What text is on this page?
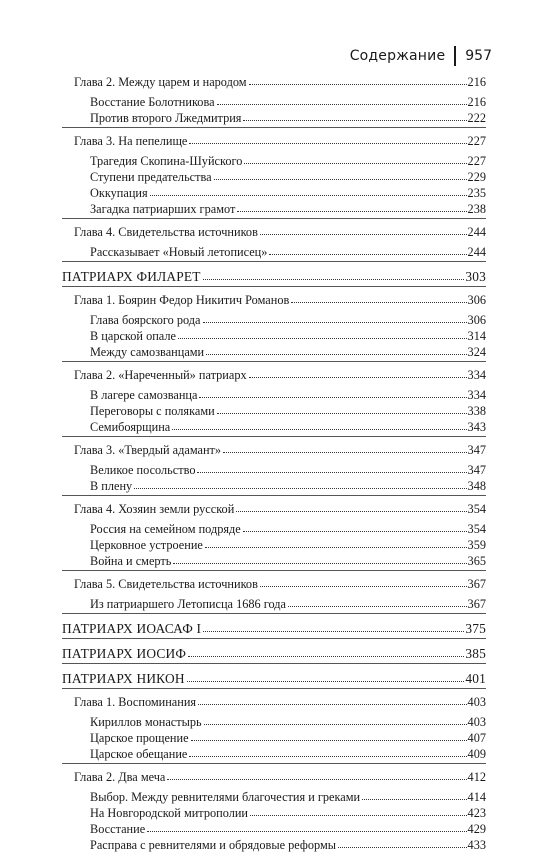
Содержание 957
Глава 2. Между царем и народом	216
Восстание Болотникова	216
Против второго Лжедмитрия	222
Глава 3. На пепелище	227
Трагедия Скопина-Шуйского	227
Ступени предательства	229
Оккупация	235
Загадка патриарших грамот	238
Глава 4. Свидетельства источников	244
Рассказывает «Новый летописец»	244
ПАТРИАРХ ФИЛАРЕТ	303
Глава 1. Боярин Федор Никитич Романов	306
Глава боярского рода	306
В царской опале	314
Между самозванцами	324
Глава 2. «Нареченный» патриарх	334
В лагере самозванца	334
Переговоры с поляками	338
Семибоярщина	343
Глава 3. «Твердый адамант»	347
Великое посольство	347
В плену	348
Глава 4. Хозяин земли русской	354
Россия на семейном подряде	354
Церковное устроение	359
Война и смерть	365
Глава 5. Свидетельства источников	367
Из патриаршего Летописца 1686 года	367
ПАТРИАРХ ИОАСАФ I	375
ПАТРИАРХ ИОСИФ	385
ПАТРИАРХ НИКОН	401
Глава 1. Воспоминания	403
Кириллов монастырь	403
Царское прощение	407
Царское обещание	409
Глава 2. Два меча	412
Выбор. Между ревнителями благочестия и греками	414
На Новгородской митрополии	423
Восстание	429
Расправа с ревнителями и обрядовые реформы	433
